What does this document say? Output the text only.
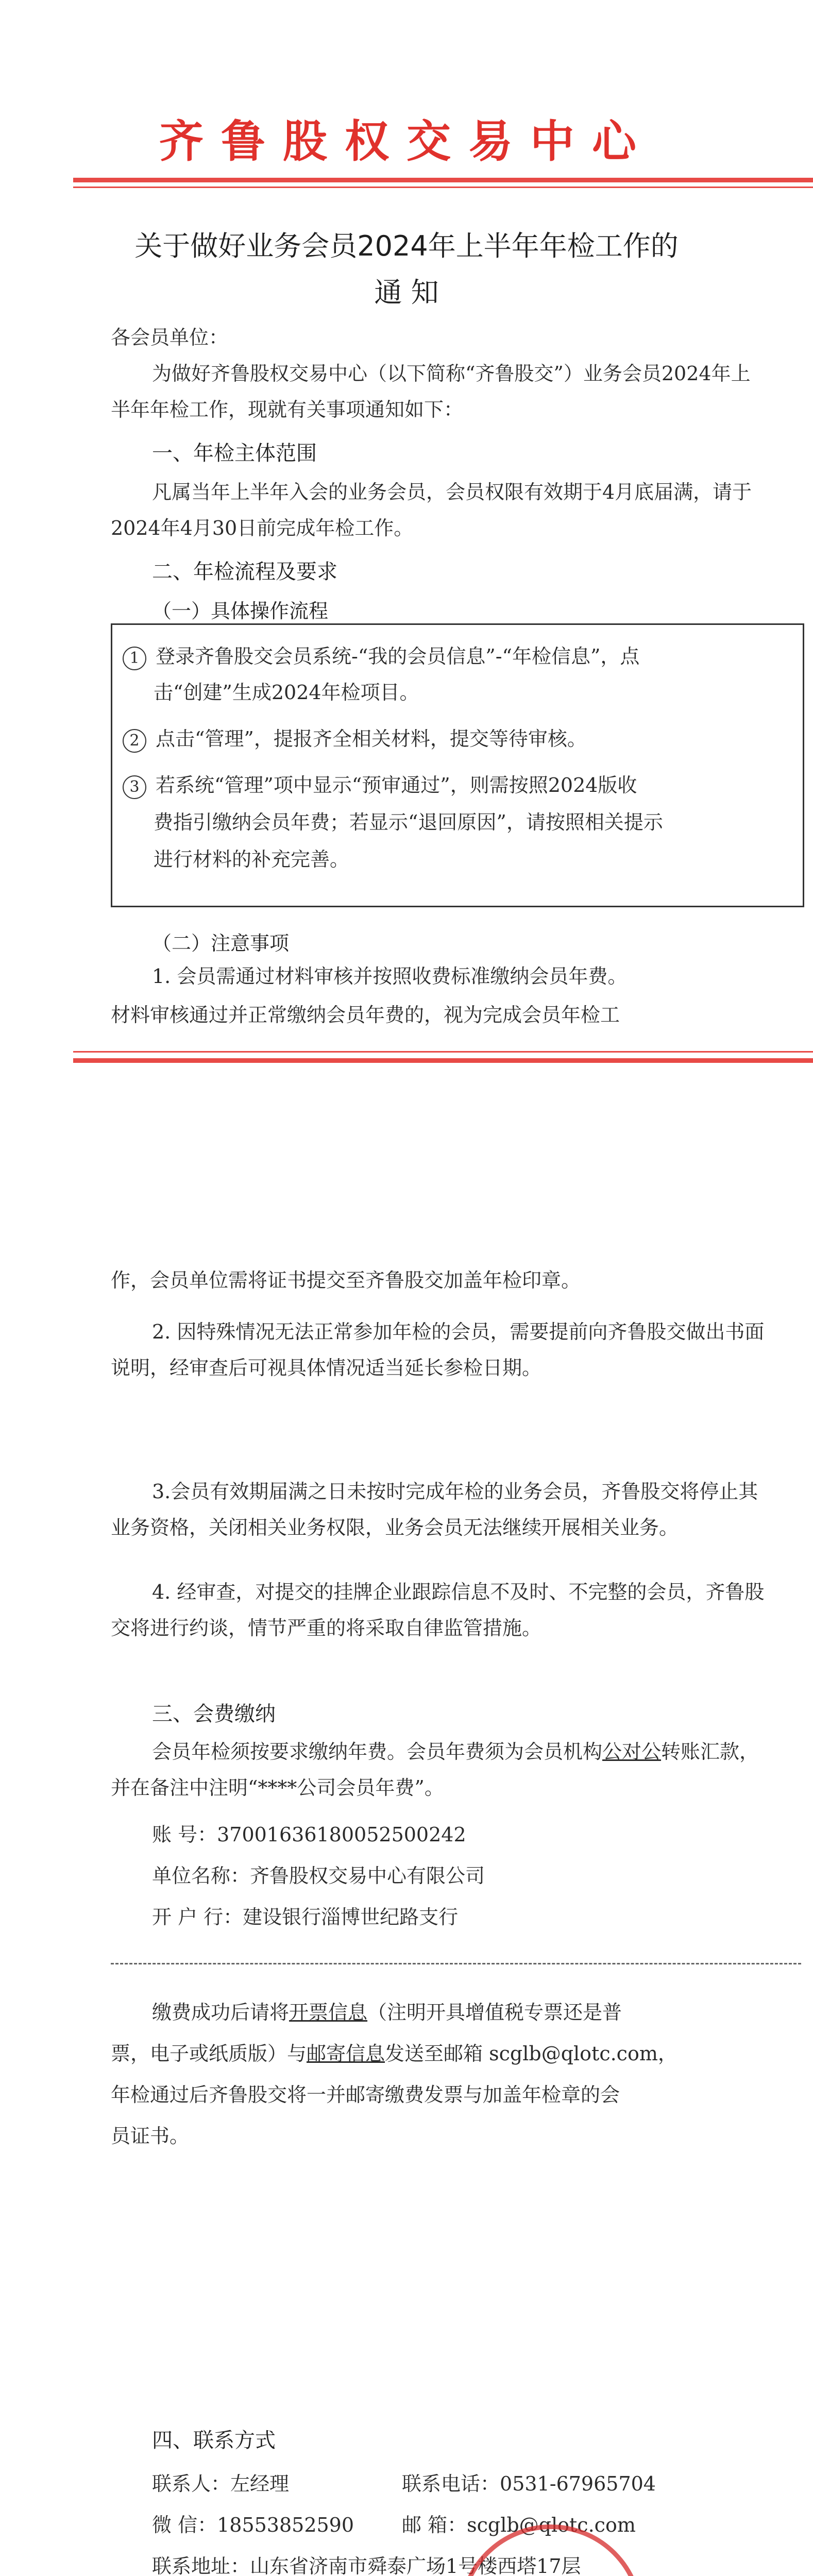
齐鲁股权交易中心
关于做好业务会员2024年上半年年检工作的
通 知
各会员单位：
为做好齐鲁股权交易中心（以下简称“齐鲁股交”）业务会员2024年上半年年检工作，现就有关事项通知如下：
一、年检主体范围
凡属当年上半年入会的业务会员，会员权限有效期于4月底届满，请于2024年4月30日前完成年检工作。
二、年检流程及要求
（一）具体操作流程
1 登录齐鲁股交会员系统-“我的会员信息”-“年检信息”，点
击“创建”生成2024年检项目。
2 点击“管理”，提报齐全相关材料，提交等待审核。
3 若系统“管理”项中显示“预审通过”，则需按照2024版收
费指引缴纳会员年费；若显示“退回原因”，请按照相关提示
进行材料的补充完善。
（二）注意事项
1. 会员需通过材料审核并按照收费标准缴纳会员年费。
材料审核通过并正常缴纳会员年费的，视为完成会员年检工
作，会员单位需将证书提交至齐鲁股交加盖年检印章。
2. 因特殊情况无法正常参加年检的会员，需要提前向齐鲁股交做出书面说明，经审查后可视具体情况适当延长参检日期。
3.会员有效期届满之日未按时完成年检的业务会员，齐鲁股交将停止其业务资格，关闭相关业务权限，业务会员无法继续开展相关业务。
4. 经审查，对提交的挂牌企业跟踪信息不及时、不完整的会员，齐鲁股交将进行约谈，情节严重的将采取自律监管措施。
三、会费缴纳
会员年检须按要求缴纳年费。会员年费须为会员机构公对公转账汇款，并在备注中注明“****公司会员年费”。
账 号：37001636180052500242
单位名称：齐鲁股权交易中心有限公司
开 户 行：建设银行淄博世纪路支行
缴费成功后请将开票信息（注明开具增值税专票还是普
票，电子或纸质版）与邮寄信息发送至邮箱 scglb@qlotc.com，
年检通过后齐鲁股交将一并邮寄缴费发票与加盖年检章的会
员证书。
四、联系方式
联系人：左经理	联系电话：0531-67965704
微 信：18553852590 邮 箱：scglb@qlotc.com
联系地址：山东省济南市舜泰广场1号楼西塔17层
